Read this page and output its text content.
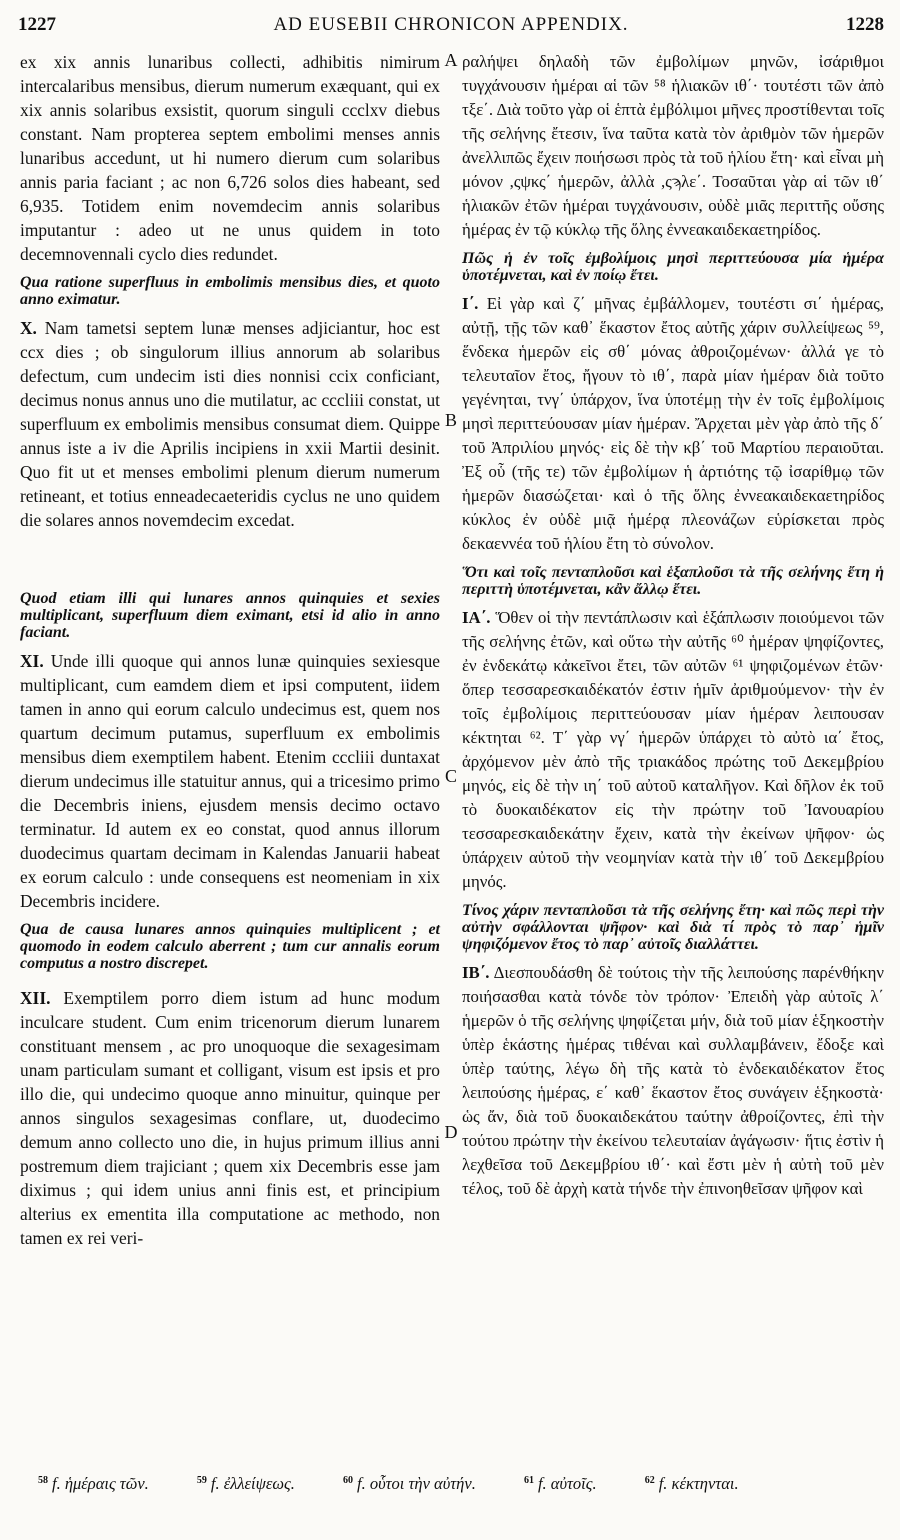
1227	AD EUSEBII CHRONICON APPENDIX.	1228
A
B
C
D

ex xix annis lunaribus collecti, adhibitis nimirum intercalaribus mensibus, dierum numerum exæquant, qui ex xix annis solaribus exsistit, quorum singuli ccclxv diebus constant. Nam propterea septem embolimi menses annis lunaribus accedunt, ut hi numero dierum cum solaribus annis paria faciant ; ac non 6,726 solos dies habeant, sed 6,935. Totidem enim novemdecim annis solaribus imputantur : adeo ut ne unus quidem in toto decemnovennali cyclo dies redundet.

Qua ratione superfluus in embolimis mensibus dies, et quoto anno eximatur.

X. Nam tametsi septem lunæ menses adjiciantur, hoc est ccx dies ; ob singulorum illius annorum ab solaribus defectum, cum undecim isti dies nonnisi ccix conficiant, decimus nonus annus uno die mutilatur, ac cccliii constat, ut superfluum ex embolimis mensibus consumat diem. Quippe annus iste a iv die Aprilis incipiens in xxii Martii desinit. Quo fit ut et menses embolimi plenum dierum numerum retineant, et totius enneadecaeteridis cyclus ne uno quidem die solares annos novemdecim excedat.

Quod etiam illi qui lunares annos quinquies et sexies multiplicant, superfluum diem eximant, etsi id alio in anno faciant.

XI. Unde illi quoque qui annos lunæ quinquies sexiesque multiplicant, cum eamdem diem et ipsi computent, iidem tamen in anno qui eorum calculo undecimus est, quem nos quartum decimum putamus, superfluum ex embolimis mensibus diem exemptilem habent. Etenim cccliii duntaxat dierum undecimus ille statuitur annus, qui a tricesimo primo die Decembris iniens, ejusdem mensis decimo octavo terminatur. Id autem ex eo constat, quod annus illorum duodecimus quartam decimam in Kalendas Januarii habeat ex eorum calculo : unde consequens est neomeniam in xix Decembris incidere.

Qua de causa lunares annos quinquies multiplicent ; et quomodo in eodem calculo aberrent ; tum cur annalis eorum computus a nostro discrepet.

XII. Exemptilem porro diem istum ad hunc modum inculcare student. Cum enim tricenorum dierum lunarem constituant mensem , ac pro unoquoque die sexagesimam unam particulam sumant et colligant, visum est ipsis et pro illo die, qui undecimo quoque anno minuitur, quinque per annos singulos sexagesimas conflare, ut, duodecimo demum anno collecto uno die, in hujus primum illius anni postremum diem trajiciant ; quem xix Decembris esse jam diximus ; qui idem unius anni finis est, et principium alterius ex ementita illa computatione ac methodo, non tamen ex rei veri-

ραλήψει δηλαδὴ τῶν ἐμβολίμων μηνῶν, ἰσάριθμοι τυγχάνουσιν ἡμέραι αἱ τῶν ⁵⁸ ἡλιακῶν ιθ΄· τουτέστι τῶν ἀπὸ τξε΄. Διὰ τοῦτο γὰρ οἱ ἑπτὰ ἐμβόλιμοι μῆνες προστίθενται τοῖς τῆς σελήνης ἔτεσιν, ἵνα ταῦτα κατὰ τὸν ἀριθμὸν τῶν ἡμερῶν ἀνελλιπῶς ἔχειν ποιήσωσι πρὸς τὰ τοῦ ἡλίου ἔτη· καὶ εἶναι μὴ μόνον ,ςψκς΄ ἡμερῶν, ἀλλὰ ,ςϡλε΄. Τοσαῦται γὰρ αἱ τῶν ιθ΄ ἡλιακῶν ἐτῶν ἡμέραι τυγχάνουσιν, οὐδὲ μιᾶς περιττῆς οὔσης ἡμέρας ἐν τῷ κύκλῳ τῆς ὅλης ἐννεακαιδεκαετηρίδος.

Πῶς ἡ ἐν τοῖς ἐμβολίμοις μησὶ περιττεύουσα μία ἡμέρα ὑποτέμνεται, καὶ ἐν ποίῳ ἔτει.

Ι΄. Εἰ γὰρ καὶ ζ΄ μῆνας ἐμβάλλομεν, τουτέστι σι΄ ἡμέρας, αὐτῇ, τῇς τῶν καθ᾽ ἕκαστον ἔτος αὐτῆς χάριν συλλείψεως ⁵⁹, ἕνδεκα ἡμερῶν εἰς σθ΄ μόνας ἀθροιζομένων· ἀλλά γε τὸ τελευταῖον ἔτος, ἤγουν τὸ ιθ΄, παρὰ μίαν ἡμέραν διὰ τοῦτο γεγένηται, τνγ΄ ὑπάρχον, ἵνα ὑποτέμῃ τὴν ἐν τοῖς ἐμβολίμοις μησὶ περιττεύουσαν μίαν ἡμέραν. Ἄρχεται μὲν γὰρ ἀπὸ τῆς δ΄ τοῦ Ἀπριλίου μηνός· εἰς δὲ τὴν κβ΄ τοῦ Μαρτίου περαιοῦται. Ἐξ οὗ (τῆς τε) τῶν ἐμβολίμων ἡ ἀρτιότης τῷ ἰσαρίθμῳ τῶν ἡμερῶν διασώζεται· καὶ ὁ τῆς ὅλης ἐννεακαιδεκαετηρίδος κύκλος ἐν οὐδὲ μιᾷ ἡμέρᾳ πλεονάζων εὑρίσκεται πρὸς δεκαεννέα τοῦ ἡλίου ἔτη τὸ σύνολον.

Ὅτι καὶ τοῖς πενταπλοῦσι καὶ ἑξαπλοῦσι τὰ τῆς σελήνης ἔτη ἡ περιττὴ ὑποτέμνεται, κἂν ἄλλῳ ἔτει.

ΙΑ΄. Ὅθεν οἱ τὴν πεντάπλωσιν καὶ ἑξάπλωσιν ποιούμενοι τῶν τῆς σελήνης ἐτῶν, καὶ οὕτω τὴν αὐτῆς ⁶⁰ ἡμέραν ψηφίζοντες, ἐν ἑνδεκάτῳ κἀκεῖνοι ἔτει, τῶν αὐτῶν ⁶¹ ψηφιζομένων ἐτῶν· ὅπερ τεσσαρεσκαιδέκατόν ἐστιν ἡμῖν ἀριθμούμενον· τὴν ἐν τοῖς ἐμβολίμοις περιττεύουσαν μίαν ἡμέραν λειπουσαν κέκτηται ⁶². Τ΄ γὰρ νγ΄ ἡμερῶν ὑπάρχει τὸ αὐτὸ ια΄ ἔτος, ἀρχόμενον μὲν ἀπὸ τῆς τριακάδος πρώτης τοῦ Δεκεμβρίου μηνός, εἰς δὲ τὴν ιη΄ τοῦ αὐτοῦ καταλῆγον. Καὶ δῆλον ἐκ τοῦ τὸ δυοκαιδέκατον εἰς τὴν πρώτην τοῦ Ἰανουαρίου τεσσαρεσκαιδεκάτην ἔχειν, κατὰ τὴν ἐκείνων ψῆφον· ὡς ὑπάρχειν αὐτοῦ τὴν νεομηνίαν κατὰ τὴν ιθ΄ τοῦ Δεκεμβρίου μηνός.

Τίνος χάριν πενταπλοῦσι τὰ τῆς σελήνης ἔτη· καὶ πῶς περὶ τὴν αὐτὴν σφάλλονται ψῆφον· καὶ διὰ τί πρὸς τὸ παρ᾽ ἡμῖν ψηφιζόμενον ἔτος τὸ παρ᾽ αὐτοῖς διαλλάττει.

ΙΒ΄. Διεσπουδάσθη δὲ τούτοις τὴν τῆς λειπούσης παρένθήκην ποιήσασθαι κατὰ τόνδε τὸν τρόπον· Ἐπειδὴ γὰρ αὐτοῖς λ΄ ἡμερῶν ὁ τῆς σελήνης ψηφίζεται μήν, διὰ τοῦ μίαν ἑξηκοστὴν ὑπὲρ ἑκάστης ἡμέρας τιθέναι καὶ συλλαμβάνειν, ἔδοξε καὶ ὑπὲρ ταύτης, λέγω δὴ τῆς κατὰ τὸ ἑνδεκαιδέκατον ἔτος λειπούσης ἡμέρας, ε΄ καθ᾽ ἕκαστον ἔτος συνάγειν ἑξηκοστὰ· ὡς ἄν, διὰ τοῦ δυοκαιδεκάτου ταύτην ἀθροίζοντες, ἐπὶ τὴν τούτου πρώτην τὴν ἐκείνου τελευταίαν ἀγάγωσιν· ἥτις ἐστὶν ἡ λεχθεῖσα τοῦ Δεκεμβρίου ιθ΄· καὶ ἔστι μὲν ἡ αὐτὴ τοῦ μὲν τέλος, τοῦ δὲ ἀρχὴ κατὰ τήνδε τὴν ἐπινοηθεῖσαν ψῆφον καὶ

$^{58}$ f. ἡμέραις τῶν.	$^{59}$ f. ἐλλείψεως.	$^{60}$ f. οὗτοι τὴν αὐτήν.	$^{61}$ f. αὐτοῖς.	$^{62}$ f. κέκτηνται.
